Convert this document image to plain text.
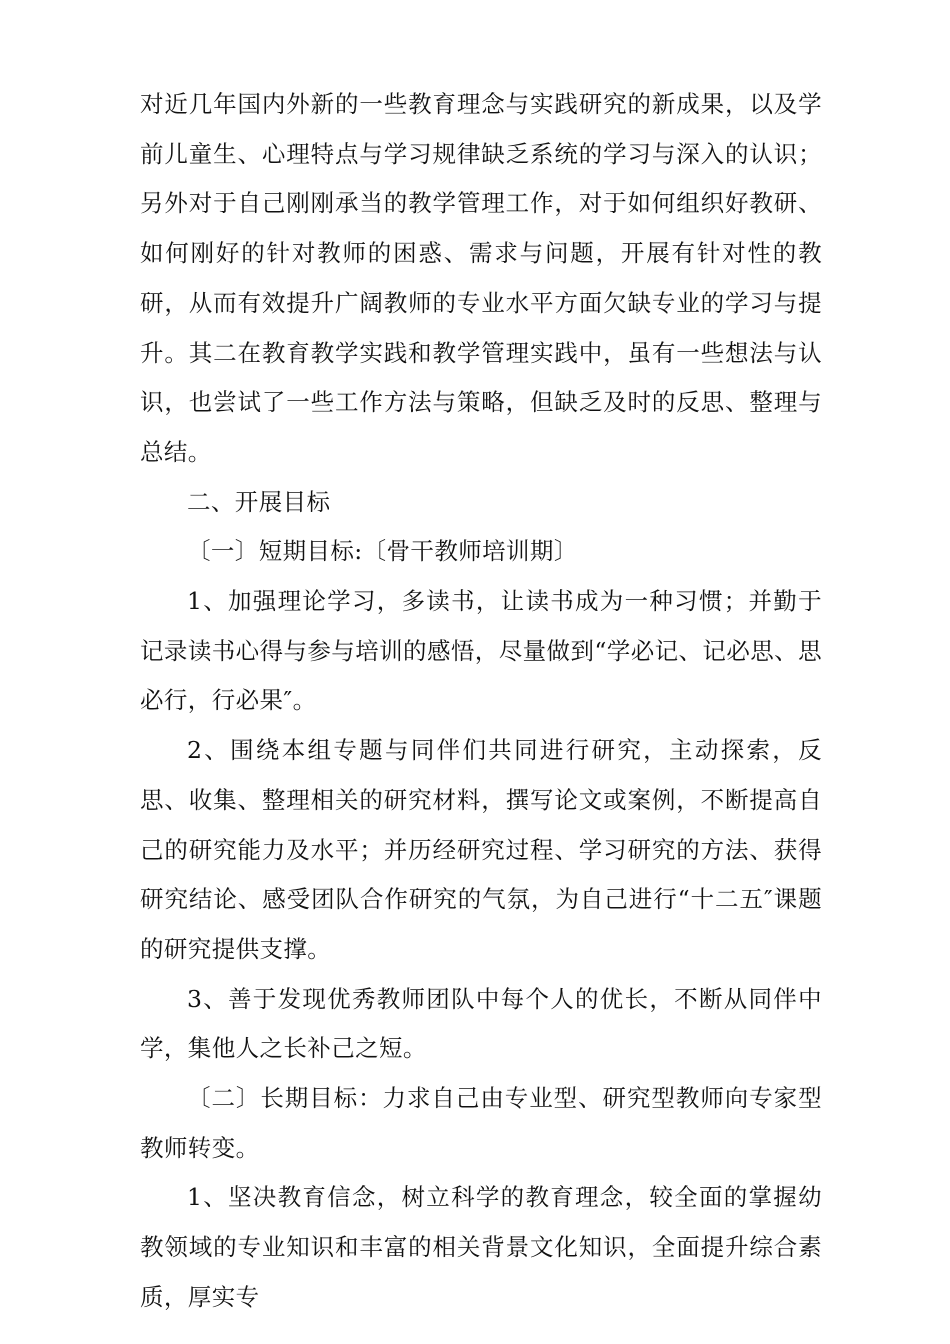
对近几年国内外新的一些教育理念与实践研究的新成果，以及学前儿童生、心理特点与学习规律缺乏系统的学习与深入的认识；另外对于自己刚刚承当的教学管理工作，对于如何组织好教研、如何刚好的针对教师的困惑、需求与问题，开展有针对性的教研，从而有效提升广阔教师的专业水平方面欠缺专业的学习与提升。其二在教育教学实践和教学管理实践中，虽有一些想法与认识，也尝试了一些工作方法与策略，但缺乏及时的反思、整理与总结。

二、开展目标

〔一〕短期目标:〔骨干教师培训期〕

1、加强理论学习，多读书，让读书成为一种习惯；并勤于记录读书心得与参与培训的感悟，尽量做到“学必记、记必思、思必行，行必果″。

2、围绕本组专题与同伴们共同进行研究，主动探索，反思、收集、整理相关的研究材料，撰写论文或案例，不断提高自己的研究能力及水平；并历经研究过程、学习研究的方法、获得研究结论、感受团队合作研究的气氛，为自己进行“十二五″课题的研究提供支撑。

3、善于发现优秀教师团队中每个人的优长，不断从同伴中学，集他人之长补己之短。

〔二〕长期目标：力求自己由专业型、研究型教师向专家型教师转变。

1、坚决教育信念，树立科学的教育理念，较全面的掌握幼教领域的专业知识和丰富的相关背景文化知识，全面提升综合素质，厚实专
